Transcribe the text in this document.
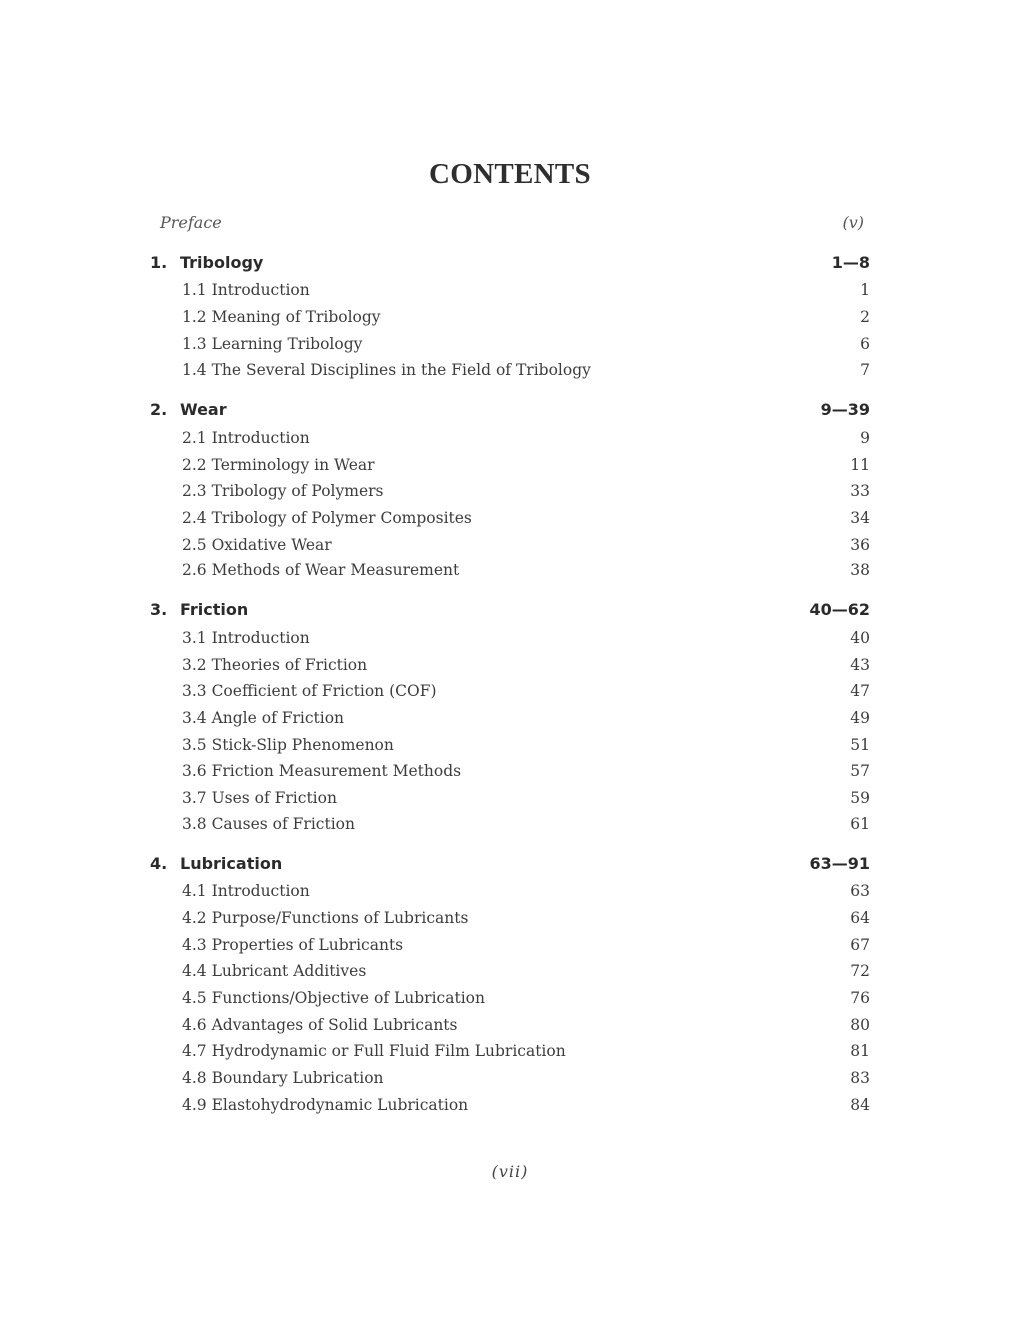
CONTENTS
Preface	(v)
1. Tribology	1—8
1.1 Introduction	1
1.2 Meaning of Tribology	2
1.3 Learning Tribology	6
1.4 The Several Disciplines in the Field of Tribology	7
2. Wear	9—39
2.1 Introduction	9
2.2 Terminology in Wear	11
2.3 Tribology of Polymers	33
2.4 Tribology of Polymer Composites	34
2.5 Oxidative Wear	36
2.6 Methods of Wear Measurement	38
3. Friction	40—62
3.1 Introduction	40
3.2 Theories of Friction	43
3.3 Coefficient of Friction (COF)	47
3.4 Angle of Friction	49
3.5 Stick-Slip Phenomenon	51
3.6 Friction Measurement Methods	57
3.7 Uses of Friction	59
3.8 Causes of Friction	61
4. Lubrication	63—91
4.1 Introduction	63
4.2 Purpose/Functions of Lubricants	64
4.3 Properties of Lubricants	67
4.4 Lubricant Additives	72
4.5 Functions/Objective of Lubrication	76
4.6 Advantages of Solid Lubricants	80
4.7 Hydrodynamic or Full Fluid Film Lubrication	81
4.8 Boundary Lubrication	83
4.9 Elastohydrodynamic Lubrication	84
(vii)
